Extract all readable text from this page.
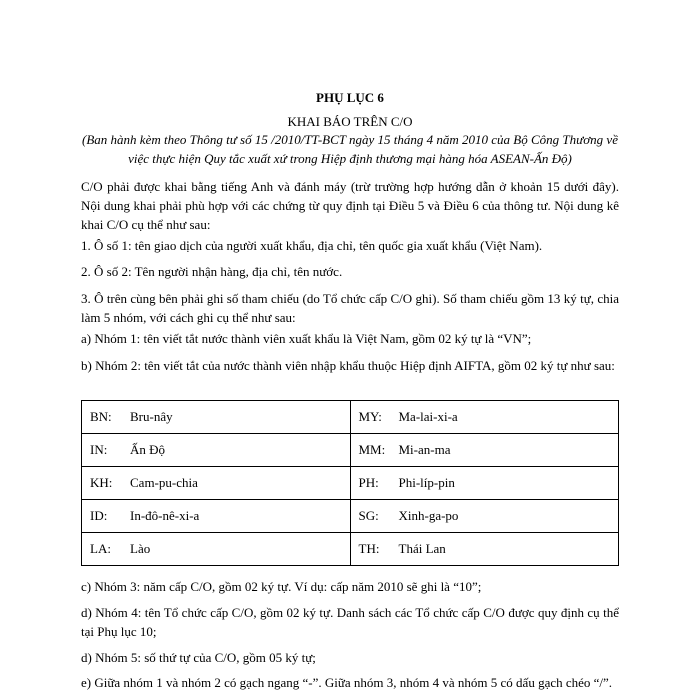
PHỤ LỤC 6
KHAI BÁO TRÊN C/O
(Ban hành kèm theo Thông tư số 15 /2010/TT-BCT ngày 15 tháng 4 năm 2010 của Bộ Công Thương về việc thực hiện Quy tắc xuất xứ trong Hiệp định thương mại hàng hóa ASEAN-Ấn Độ)
C/O phải được khai bằng tiếng Anh và đánh máy (trừ trường hợp hướng dẫn ở khoản 15 dưới đây). Nội dung khai phải phù hợp với các chứng từ quy định tại Điều 5 và Điều 6 của thông tư. Nội dung kê khai C/O cụ thể như sau:
1. Ô số 1: tên giao dịch của người xuất khẩu, địa chỉ, tên quốc gia xuất khẩu (Việt Nam).
2. Ô số 2: Tên người nhận hàng, địa chỉ, tên nước.
3. Ô trên cùng bên phải ghi số tham chiếu (do Tổ chức cấp C/O ghi). Số tham chiếu gồm 13 ký tự, chia làm 5 nhóm, với cách ghi cụ thể như sau:
a) Nhóm 1: tên viết tắt nước thành viên xuất khẩu là Việt Nam, gồm 02 ký tự là “VN”;
b) Nhóm 2: tên viết tắt của nước thành viên nhập khẩu thuộc Hiệp định AIFTA, gồm 02 ký tự như sau:
BN: Bru-nây	MY: Ma-lai-xi-a
IN: Ấn Độ	MM: Mi-an-ma
KH: Cam-pu-chia	PH: Phi-líp-pin
ID: In-đô-nê-xi-a	SG: Xinh-ga-po
LA: Lào	TH: Thái Lan
c) Nhóm 3: năm cấp C/O, gồm 02 ký tự. Ví dụ: cấp năm 2010 sẽ ghi là “10”;
d) Nhóm 4: tên Tổ chức cấp C/O, gồm 02 ký tự. Danh sách các Tổ chức cấp C/O được quy định cụ thể tại Phụ lục 10;
d) Nhóm 5: số thứ tự của C/O, gồm 05 ký tự;
e) Giữa nhóm 1 và nhóm 2 có gạch ngang “-”. Giữa nhóm 3, nhóm 4 và nhóm 5 có dấu gạch chéo “/”.
